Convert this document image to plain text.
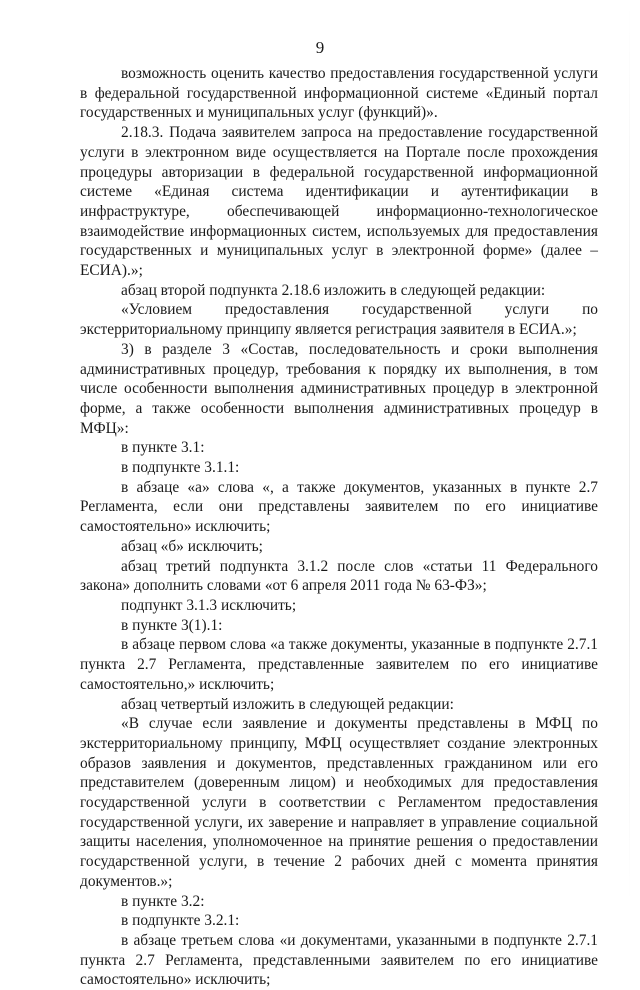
9

возможность оценить качество предоставления государственной услуги в федеральной государственной информационной системе «Единый портал государственных и муниципальных услуг (функций)».

2.18.3. Подача заявителем запроса на предоставление государственной услуги в электронном виде осуществляется на Портале после прохождения процедуры авторизации в федеральной государственной информационной системе «Единая система идентификации и аутентификации в инфраструктуре, обеспечивающей информационно-технологическое взаимодействие информационных систем, используемых для предоставления государственных и муниципальных услуг в электронной форме» (далее – ЕСИА).»;

абзац второй подпункта 2.18.6 изложить в следующей редакции:

«Условием предоставления государственной услуги по экстерриториальному принципу является регистрация заявителя в ЕСИА.»;

3) в разделе 3 «Состав, последовательность и сроки выполнения административных процедур, требования к порядку их выполнения, в том числе особенности выполнения административных процедур в электронной форме, а также особенности выполнения административных процедур в МФЦ»:

в пункте 3.1:

в подпункте 3.1.1:

в абзаце «а» слова «, а также документов, указанных в пункте 2.7 Регламента, если они представлены заявителем по его инициативе самостоятельно» исключить;

абзац «б» исключить;

абзац третий подпункта 3.1.2 после слов «статьи 11 Федерального закона» дополнить словами «от 6 апреля 2011 года № 63-ФЗ»;

подпункт 3.1.3 исключить;

в пункте 3(1).1:

в абзаце первом слова «а также документы, указанные в подпункте 2.7.1 пункта 2.7 Регламента, представленные заявителем по его инициативе самостоятельно,» исключить;

абзац четвертый изложить в следующей редакции:

«В случае если заявление и документы представлены в МФЦ по экстерриториальному принципу, МФЦ осуществляет создание электронных образов заявления и документов, представленных гражданином или его представителем (доверенным лицом) и необходимых для предоставления государственной услуги в соответствии с Регламентом предоставления государственной услуги, их заверение и направляет в управление социальной защиты населения, уполномоченное на принятие решения о предоставлении государственной услуги, в течение 2 рабочих дней с момента принятия документов.»;

в пункте 3.2:

в подпункте 3.2.1:

в абзаце третьем слова «и документами, указанными в подпункте 2.7.1 пункта 2.7 Регламента, представленными заявителем по его инициативе самостоятельно» исключить;
